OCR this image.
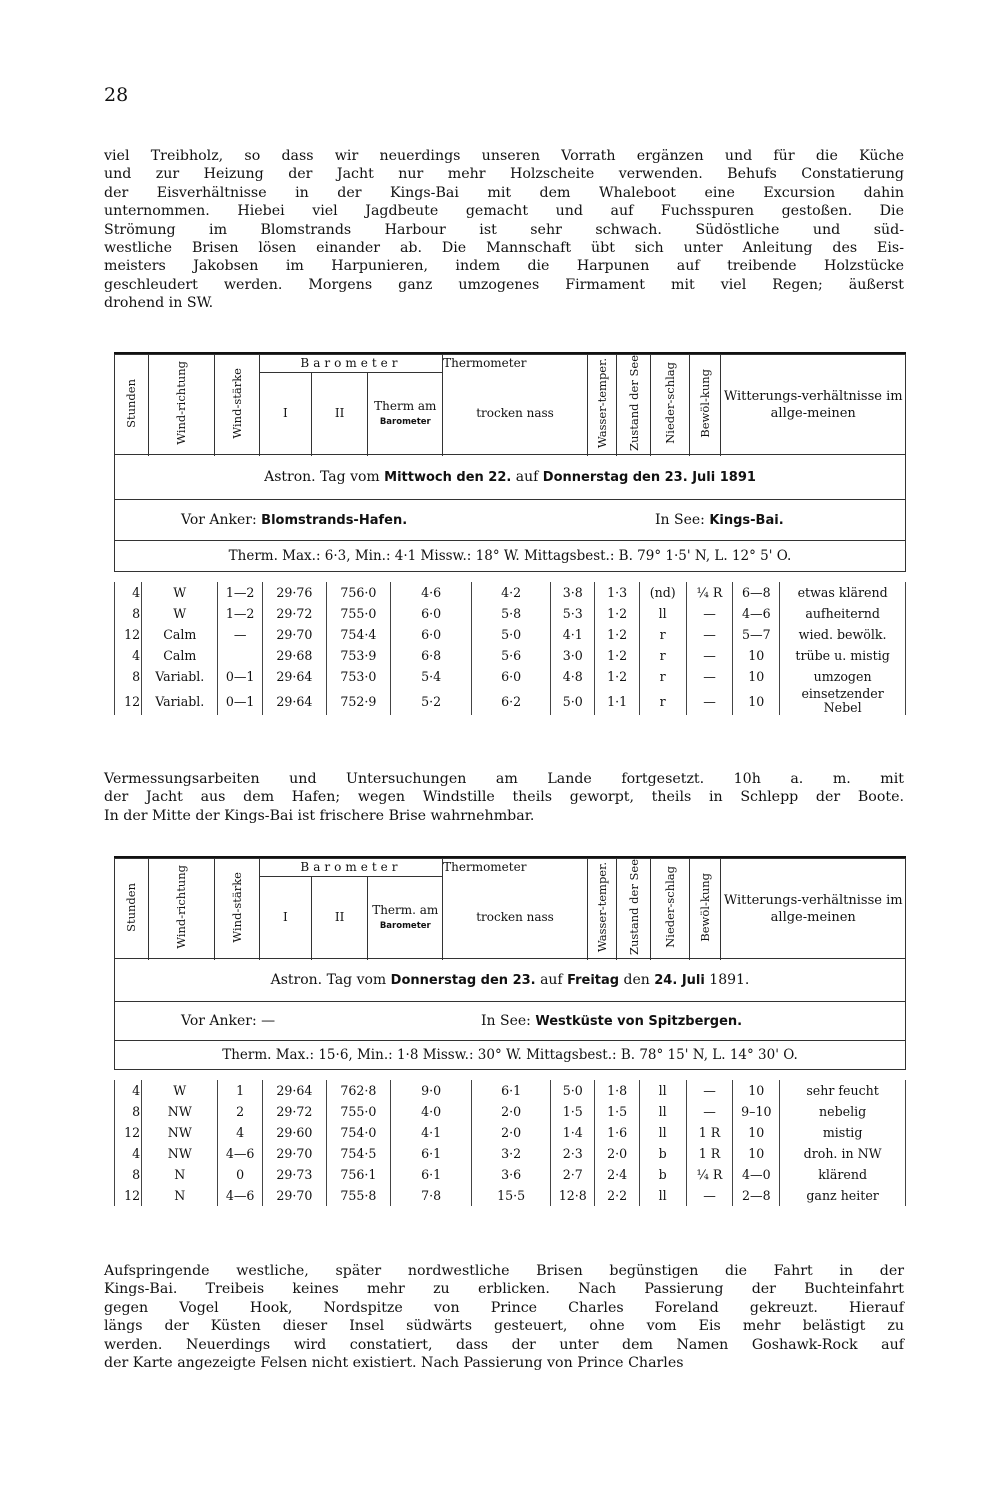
28
viel Treibholz, so dass wir neuerdings unseren Vorrath ergänzen und für die Küche
und zur Heizung der Jacht nur mehr Holzscheite verwenden. Behufs Constatierung
der Eisverhältnisse in der Kings-Bai mit dem Whaleboot eine Excursion dahin
unternommen. Hiebei viel Jagdbeute gemacht und auf Fuchsspuren gestoßen. Die
Strömung im Blomstrands Harbour ist sehr schwach. Südöstliche und süd-
westliche Brisen lösen einander ab. Die Mannschaft übt sich unter Anleitung des Eis-
meisters Jakobsen im Harpunieren, indem die Harpunen auf treibende Holzstücke
geschleudert werden. Morgens ganz umzogenes Firmament mit viel Regen; äußerst
drohend in SW.
Stunden	Wind-richtung	Wind-stärke	Barometer			Thermometer	Wasser-temper.	Zustand der See	Nieder-schlag	Bewöl-kung	Witterungs-verhältnisse im allge-meinen
			I	II	Therm am
Barometer	trocken nass					

Astron. Tag vom Mittwoch den 22. auf Donnerstag den 23. Juli 1891
Vor Anker: Blomstrands-Hafen.	In See: Kings-Bai.
Therm. Max.: 6·3, Min.: 4·1 Missw.: 18° W. Mittagsbest.: B. 79° 1·5' N, L. 12° 5' O.
4	W	1—2	29·76	756·0	4·6	4·2	3·8	1·3	(nd)	¼ R	6—8	etwas klärend
8	W	1—2	29·72	755·0	6·0	5·8	5·3	1·2	ll	—	4—6	aufheiternd
12	Calm	—	29·70	754·4	6·0	5·0	4·1	1·2	r	—	5—7	wied. bewölk.
4	Calm		29·68	753·9	6·8	5·6	3·0	1·2	r	—	10	trübe u. mistig
8	Variabl.	0—1	29·64	753·0	5·4	6·0	4·8	1·2	r	—	10	umzogen
12	Variabl.	0—1	29·64	752·9	5·2	6·2	5·0	1·1	r	—	10	einsetzender Nebel
Vermessungsarbeiten und Untersuchungen am Lande fortgesetzt. 10h a. m. mit
der Jacht aus dem Hafen; wegen Windstille theils geworpt, theils in Schlepp der Boote.
In der Mitte der Kings-Bai ist frischere Brise wahrnehmbar.
Stunden	Wind-richtung	Wind-stärke	Barometer			Thermometer	Wasser-temper.	Zustand der See	Nieder-schlag	Bewöl-kung	Witterungs-verhältnisse im allge-meinen
			I	II	Therm. am
Barometer	trocken nass					

Astron. Tag vom Donnerstag den 23. auf Freitag den 24. Juli 1891.
Vor Anker: —	In See: Westküste von Spitzbergen.
Therm. Max.: 15·6, Min.: 1·8 Missw.: 30° W. Mittagsbest.: B. 78° 15' N, L. 14° 30' O.
4	W	1	29·64	762·8	9·0	6·1	5·0	1·8	ll	—	10	sehr feucht
8	NW	2	29·72	755·0	4·0	2·0	1·5	1·5	ll	—	9–10	nebelig
12	NW	4	29·60	754·0	4·1	2·0	1·4	1·6	ll	1 R	10	mistig
4	NW	4—6	29·70	754·5	6·1	3·2	2·3	2·0	b	1 R	10	droh. in NW
8	N	0	29·73	756·1	6·1	3·6	2·7	2·4	b	¼ R	4—0	klärend
12	N	4—6	29·70	755·8	7·8	15·5	12·8	2·2	ll	—	2—8	ganz heiter
Aufspringende westliche, später nordwestliche Brisen begünstigen die Fahrt in der
Kings-Bai. Treibeis keines mehr zu erblicken. Nach Passierung der Buchteinfahrt
gegen Vogel Hook, Nordspitze von Prince Charles Foreland gekreuzt. Hierauf
längs der Küsten dieser Insel südwärts gesteuert, ohne vom Eis mehr belästigt zu
werden. Neuerdings wird constatiert, dass der unter dem Namen Goshawk-Rock auf
der Karte angezeigte Felsen nicht existiert. Nach Passierung von Prince Charles
